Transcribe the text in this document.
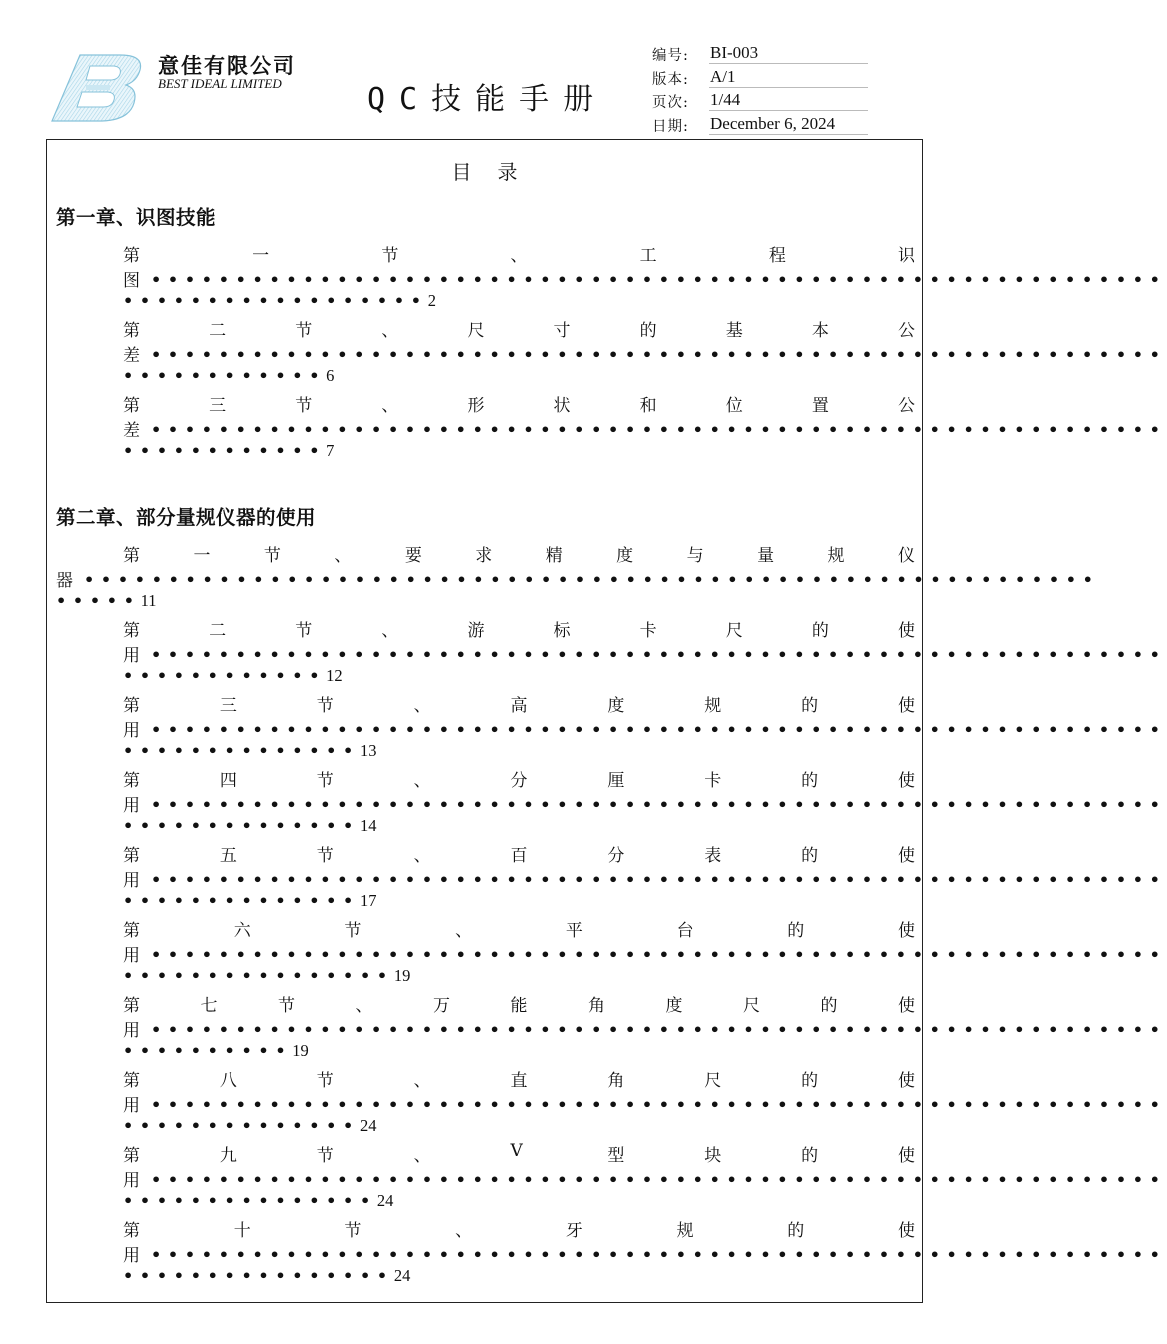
意佳有限公司
BEST IDEAL LIMITED	QC技能手册
编号: BI-003
版本: A/1
页次: 1/44
日期: December 6, 2024
目录
第一章、识图技能
第	一	节	、	工	程	识
图 ••••••••••••••••••••••••••••••••••••••••••••••••••••••••••••
••••••••••••••••••2
第	二	节	、	尺	寸	的	基	本	公
差 ••••••••••••••••••••••••••••••••••••••••••••••••••••••••••••
••••••••••••6
第	三	节	、	形	状	和	位	置	公
差 ••••••••••••••••••••••••••••••••••••••••••••••••••••••••••••
••••••••••••7
第二章、部分量规仪器的使用
第	一	节	、	要	求	精	度	与	量	规	仪
器 ••••••••••••••••••••••••••••••••••••••••••••••••••••••••••••
•••••11
第	二	节	、	游	标	卡	尺	的	使
用 ••••••••••••••••••••••••••••••••••••••••••••••••••••••••••••
••••••••••••12
第	三	节	、	高	度	规	的	使
用 ••••••••••••••••••••••••••••••••••••••••••••••••••••••••••••
••••••••••••••13
第	四	节	、	分	厘	卡	的	使
用 ••••••••••••••••••••••••••••••••••••••••••••••••••••••••••••
••••••••••••••14
第	五	节	、	百	分	表	的	使
用 ••••••••••••••••••••••••••••••••••••••••••••••••••••••••••••
••••••••••••••17
第	六	节	、	平	台	的	使
用 ••••••••••••••••••••••••••••••••••••••••••••••••••••••••••••
••••••••••••••••19
第	七	节	、	万	能	角	度	尺	的	使
用 ••••••••••••••••••••••••••••••••••••••••••••••••••••••••••••
••••••••••19
第	八	节	、	直	角	尺	的	使
用 ••••••••••••••••••••••••••••••••••••••••••••••••••••••••••••
••••••••••••••24
第	九	节	、	V	型	块	的	使
用 ••••••••••••••••••••••••••••••••••••••••••••••••••••••••••••
•••••••••••••••24
第	十	节	、	牙	规	的	使
用 ••••••••••••••••••••••••••••••••••••••••••••••••••••••••••••
••••••••••••••••24
